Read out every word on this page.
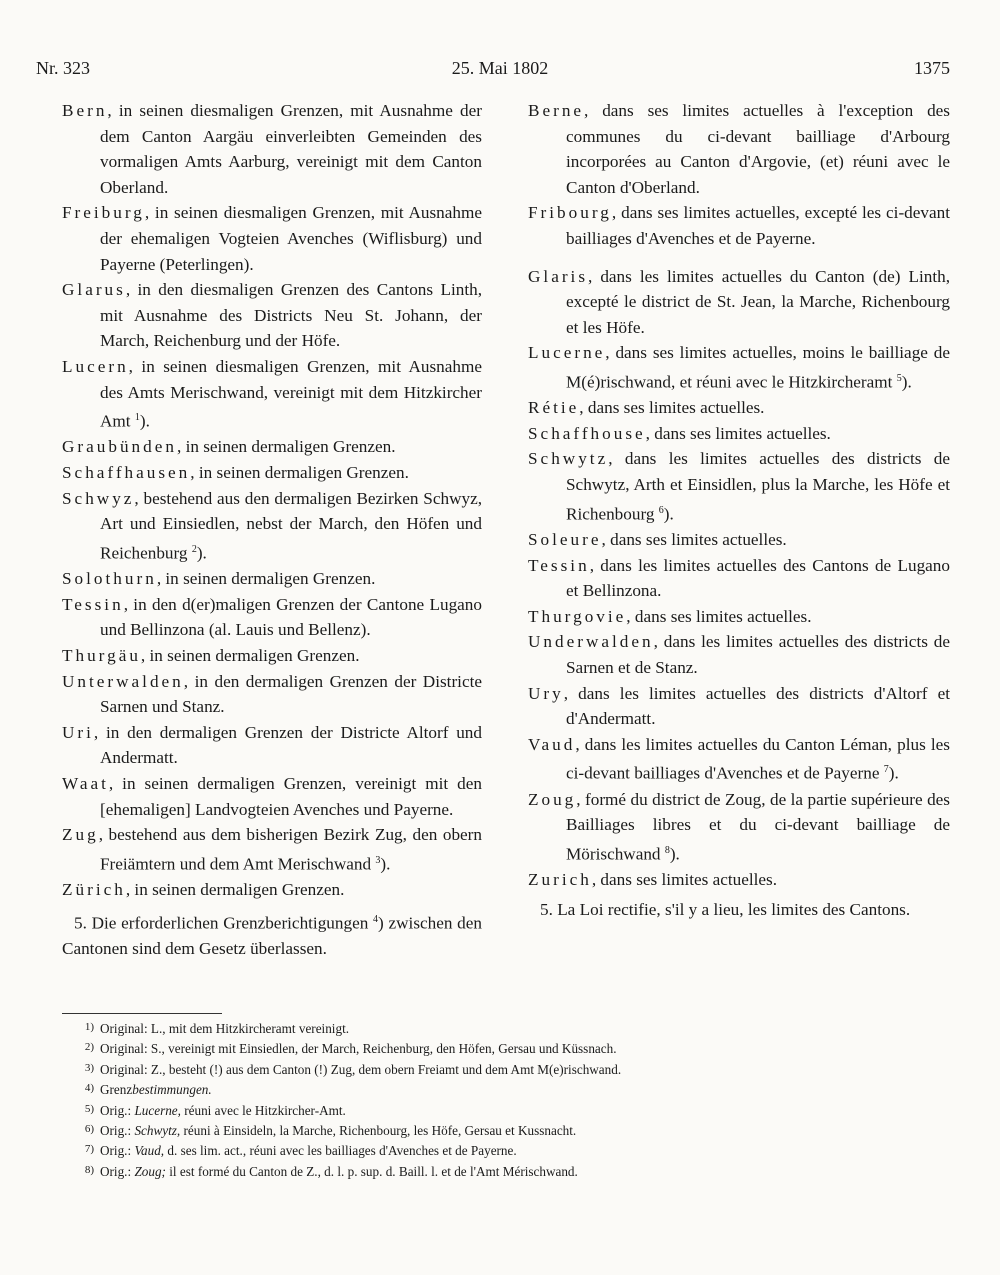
Nr. 323	25. Mai 1802	1375
Bern, in seinen diesmaligen Grenzen, mit Ausnahme der dem Canton Aargäu einverleibten Gemeinden des vormaligen Amts Aarburg, vereinigt mit dem Canton Oberland.
Freiburg, in seinen diesmaligen Grenzen, mit Ausnahme der ehemaligen Vogteien Avenches (Wiflisburg) und Payerne (Peterlingen).
Glarus, in den diesmaligen Grenzen des Cantons Linth, mit Ausnahme des Districts Neu St. Johann, der March, Reichenburg und der Höfe.
Lucern, in seinen diesmaligen Grenzen, mit Ausnahme des Amts Merischwand, vereinigt mit dem Hitzkircher Amt $^1$).
Graubünden, in seinen dermaligen Grenzen.
Schaffhausen, in seinen dermaligen Grenzen.
Schwyz, bestehend aus den dermaligen Bezirken Schwyz, Art und Einsiedlen, nebst der March, den Höfen und Reichenburg $^2$).
Solothurn, in seinen dermaligen Grenzen.
Tessin, in den d(er)maligen Grenzen der Cantone Lugano und Bellinzona (al. Lauis und Bellenz).
Thurgäu, in seinen dermaligen Grenzen.
Unterwalden, in den dermaligen Grenzen der Districte Sarnen und Stanz.
Uri, in den dermaligen Grenzen der Districte Altorf und Andermatt.
Waat, in seinen dermaligen Grenzen, vereinigt mit den [ehemaligen] Landvogteien Avenches und Payerne.
Zug, bestehend aus dem bisherigen Bezirk Zug, den obern Freiämtern und dem Amt Merischwand $^3$).
Zürich, in seinen dermaligen Grenzen.
5. Die erforderlichen Grenzberichtigungen $^4$) zwischen den Cantonen sind dem Gesetz überlassen.
Berne, dans ses limites actuelles à l'exception des communes du ci-devant bailliage d'Arbourg incorporées au Canton d'Argovie, (et) réuni avec le Canton d'Oberland.
Fribourg, dans ses limites actuelles, excepté les ci-devant bailliages d'Avenches et de Payerne.
Glaris, dans les limites actuelles du Canton (de) Linth, excepté le district de St. Jean, la Marche, Richenbourg et les Höfe.
Lucerne, dans ses limites actuelles, moins le bailliage de M(é)rischwand, et réuni avec le Hitzkircheramt $^5$).
Rétie, dans ses limites actuelles.
Schaffhouse, dans ses limites actuelles.
Schwytz, dans les limites actuelles des districts de Schwytz, Arth et Einsidlen, plus la Marche, les Höfe et Richenbourg $^6$).
Soleure, dans ses limites actuelles.
Tessin, dans les limites actuelles des Cantons de Lugano et Bellinzona.
Thurgovie, dans ses limites actuelles.
Underwalden, dans les limites actuelles des districts de Sarnen et de Stanz.
Ury, dans les limites actuelles des districts d'Altorf et d'Andermatt.
Vaud, dans les limites actuelles du Canton Léman, plus les ci-devant bailliages d'Avenches et de Payerne $^7$).
Zoug, formé du district de Zoug, de la partie supérieure des Bailliages libres et du ci-devant bailliage de Mörischwand $^8$).
Zurich, dans ses limites actuelles.
5. La Loi rectifie, s'il y a lieu, les limites des Cantons.
1) Original: L., mit dem Hitzkircheramt vereinigt.
2) Original: S., vereinigt mit Einsiedlen, der March, Reichenburg, den Höfen, Gersau und Küssnach.
3) Original: Z., besteht (!) aus dem Canton (!) Zug, dem obern Freiamt und dem Amt M(e)rischwand.
4) Grenzbestimmungen.
5) Orig.: Lucerne, réuni avec le Hitzkircher-Amt.
6) Orig.: Schwytz, réuni à Einsideln, la Marche, Richenbourg, les Höfe, Gersau et Kussnacht.
7) Orig.: Vaud, d. ses lim. act., réuni avec les bailliages d'Avenches et de Payerne.
8) Orig.: Zoug; il est formé du Canton de Z., d. l. p. sup. d. Baill. l. et de l'Amt Mérischwand.
